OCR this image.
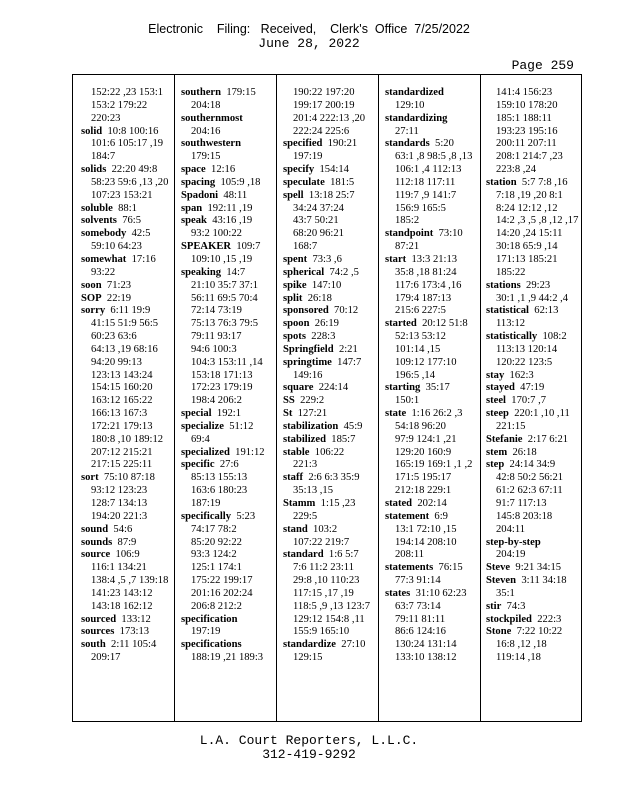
Electronic    Filing:   Received,    Clerk's  Office  7/25/2022
June 28, 2022
Page 259
152:22 ,23 153:1
153:2 179:22
220:23
solid 10:8 100:16
101:6 105:17 ,19
184:7
solids 22:20 49:8
58:23 59:6 ,13 ,20
107:23 153:21
soluble 88:1
solvents 76:5
somebody 42:5
59:10 64:23
somewhat 17:16
93:22
soon 71:23
SOP 22:19
sorry 6:11 19:9
41:15 51:9 56:5
60:23 63:6
64:13 ,19 68:16
94:20 99:13
123:13 143:24
154:15 160:20
163:12 165:22
166:13 167:3
172:21 179:13
180:8 ,10 189:12
207:12 215:21
217:15 225:11
sort 75:10 87:18
93:12 123:23
128:7 134:13
194:20 221:3
sound 54:6
sounds 87:9
source 106:9
116:1 134:21
138:4 ,5 ,7 139:18
141:23 143:12
143:18 162:12
sourced 133:12
sources 173:13
south 2:11 105:4
209:17
southern 179:15
204:18
southernmost
204:16
southwestern
179:15
space 12:16
spacing 105:9 ,18
Spadoni 48:11
span 192:11 ,19
speak 43:16 ,19
93:2 100:22
SPEAKER 109:7
109:10 ,15 ,19
speaking 14:7
21:10 35:7 37:1
56:11 69:5 70:4
72:14 73:19
75:13 76:3 79:5
79:11 93:17
94:6 100:3
104:3 153:11 ,14
153:18 171:13
172:23 179:19
198:4 206:2
special 192:1
specialize 51:12
69:4
specialized 191:12
specific 27:6
85:13 155:13
163:6 180:23
187:19
specifically 5:23
74:17 78:2
85:20 92:22
93:3 124:2
125:1 174:1
175:22 199:17
201:16 202:24
206:8 212:2
specification
197:19
specifications
188:19 ,21 189:3
190:22 197:20
199:17 200:19
201:4 222:13 ,20
222:24 225:6
specified 190:21
197:19
specify 154:14
speculate 181:5
spell 13:18 25:7
34:24 37:24
43:7 50:21
68:20 96:21
168:7
spent 73:3 ,6
spherical 74:2 ,5
spike 147:10
split 26:18
sponsored 70:12
spoon 26:19
spots 228:3
Springfield 2:21
springtime 147:7
149:16
square 224:14
SS 229:2
St 127:21
stabilization 45:9
stabilized 185:7
stable 106:22
221:3
staff 2:6 6:3 35:9
35:13 ,15
Stamm 1:15 ,23
229:5
stand 103:2
107:22 219:7
standard 1:6 5:7
7:6 11:2 23:11
29:8 ,10 110:23
117:15 ,17 ,19
118:5 ,9 ,13 123:7
129:12 154:8 ,11
155:9 165:10
standardize 27:10
129:15
standardized
129:10
standardizing
27:11
standards 5:20
63:1 ,8 98:5 ,8 ,13
106:1 ,4 112:13
112:18 117:11
119:7 ,9 141:7
156:9 165:5
185:2
standpoint 73:10
87:21
start 13:3 21:13
35:8 ,18 81:24
117:6 173:4 ,16
179:4 187:13
215:6 227:5
started 20:12 51:8
52:13 53:12
101:14 ,15
109:12 177:10
196:5 ,14
starting 35:17
150:1
state 1:16 26:2 ,3
54:18 96:20
97:9 124:1 ,21
129:20 160:9
165:19 169:1 ,1 ,2
171:5 195:17
212:18 229:1
stated 202:14
statement 6:9
13:1 72:10 ,15
194:14 208:10
208:11
statements 76:15
77:3 91:14
states 31:10 62:23
63:7 73:14
79:11 81:11
86:6 124:16
130:24 131:14
133:10 138:12
141:4 156:23
159:10 178:20
185:1 188:11
193:23 195:16
200:11 207:11
208:1 214:7 ,23
223:8 ,24
station 5:7 7:8 ,16
7:18 ,19 ,20 8:1
8:24 12:12 ,12
14:2 ,3 ,5 ,8 ,12 ,17
14:20 ,24 15:11
30:18 65:9 ,14
171:13 185:21
185:22
stations 29:23
30:1 ,1 ,9 44:2 ,4
statistical 62:13
113:12
statistically 108:2
113:13 120:14
120:22 123:5
stay 162:3
stayed 47:19
steel 170:7 ,7
steep 220:1 ,10 ,11
221:15
Stefanie 2:17 6:21
stem 26:18
step 24:14 34:9
42:8 50:2 56:21
61:2 62:3 67:11
91:7 117:13
145:8 203:18
204:11
step-by-step
204:19
Steve 9:21 34:15
Steven 3:11 34:18
35:1
stir 74:3
stockpiled 222:3
Stone 7:22 10:22
16:8 ,12 ,18
119:14 ,18
L.A. Court Reporters, L.L.C.
312-419-9292
